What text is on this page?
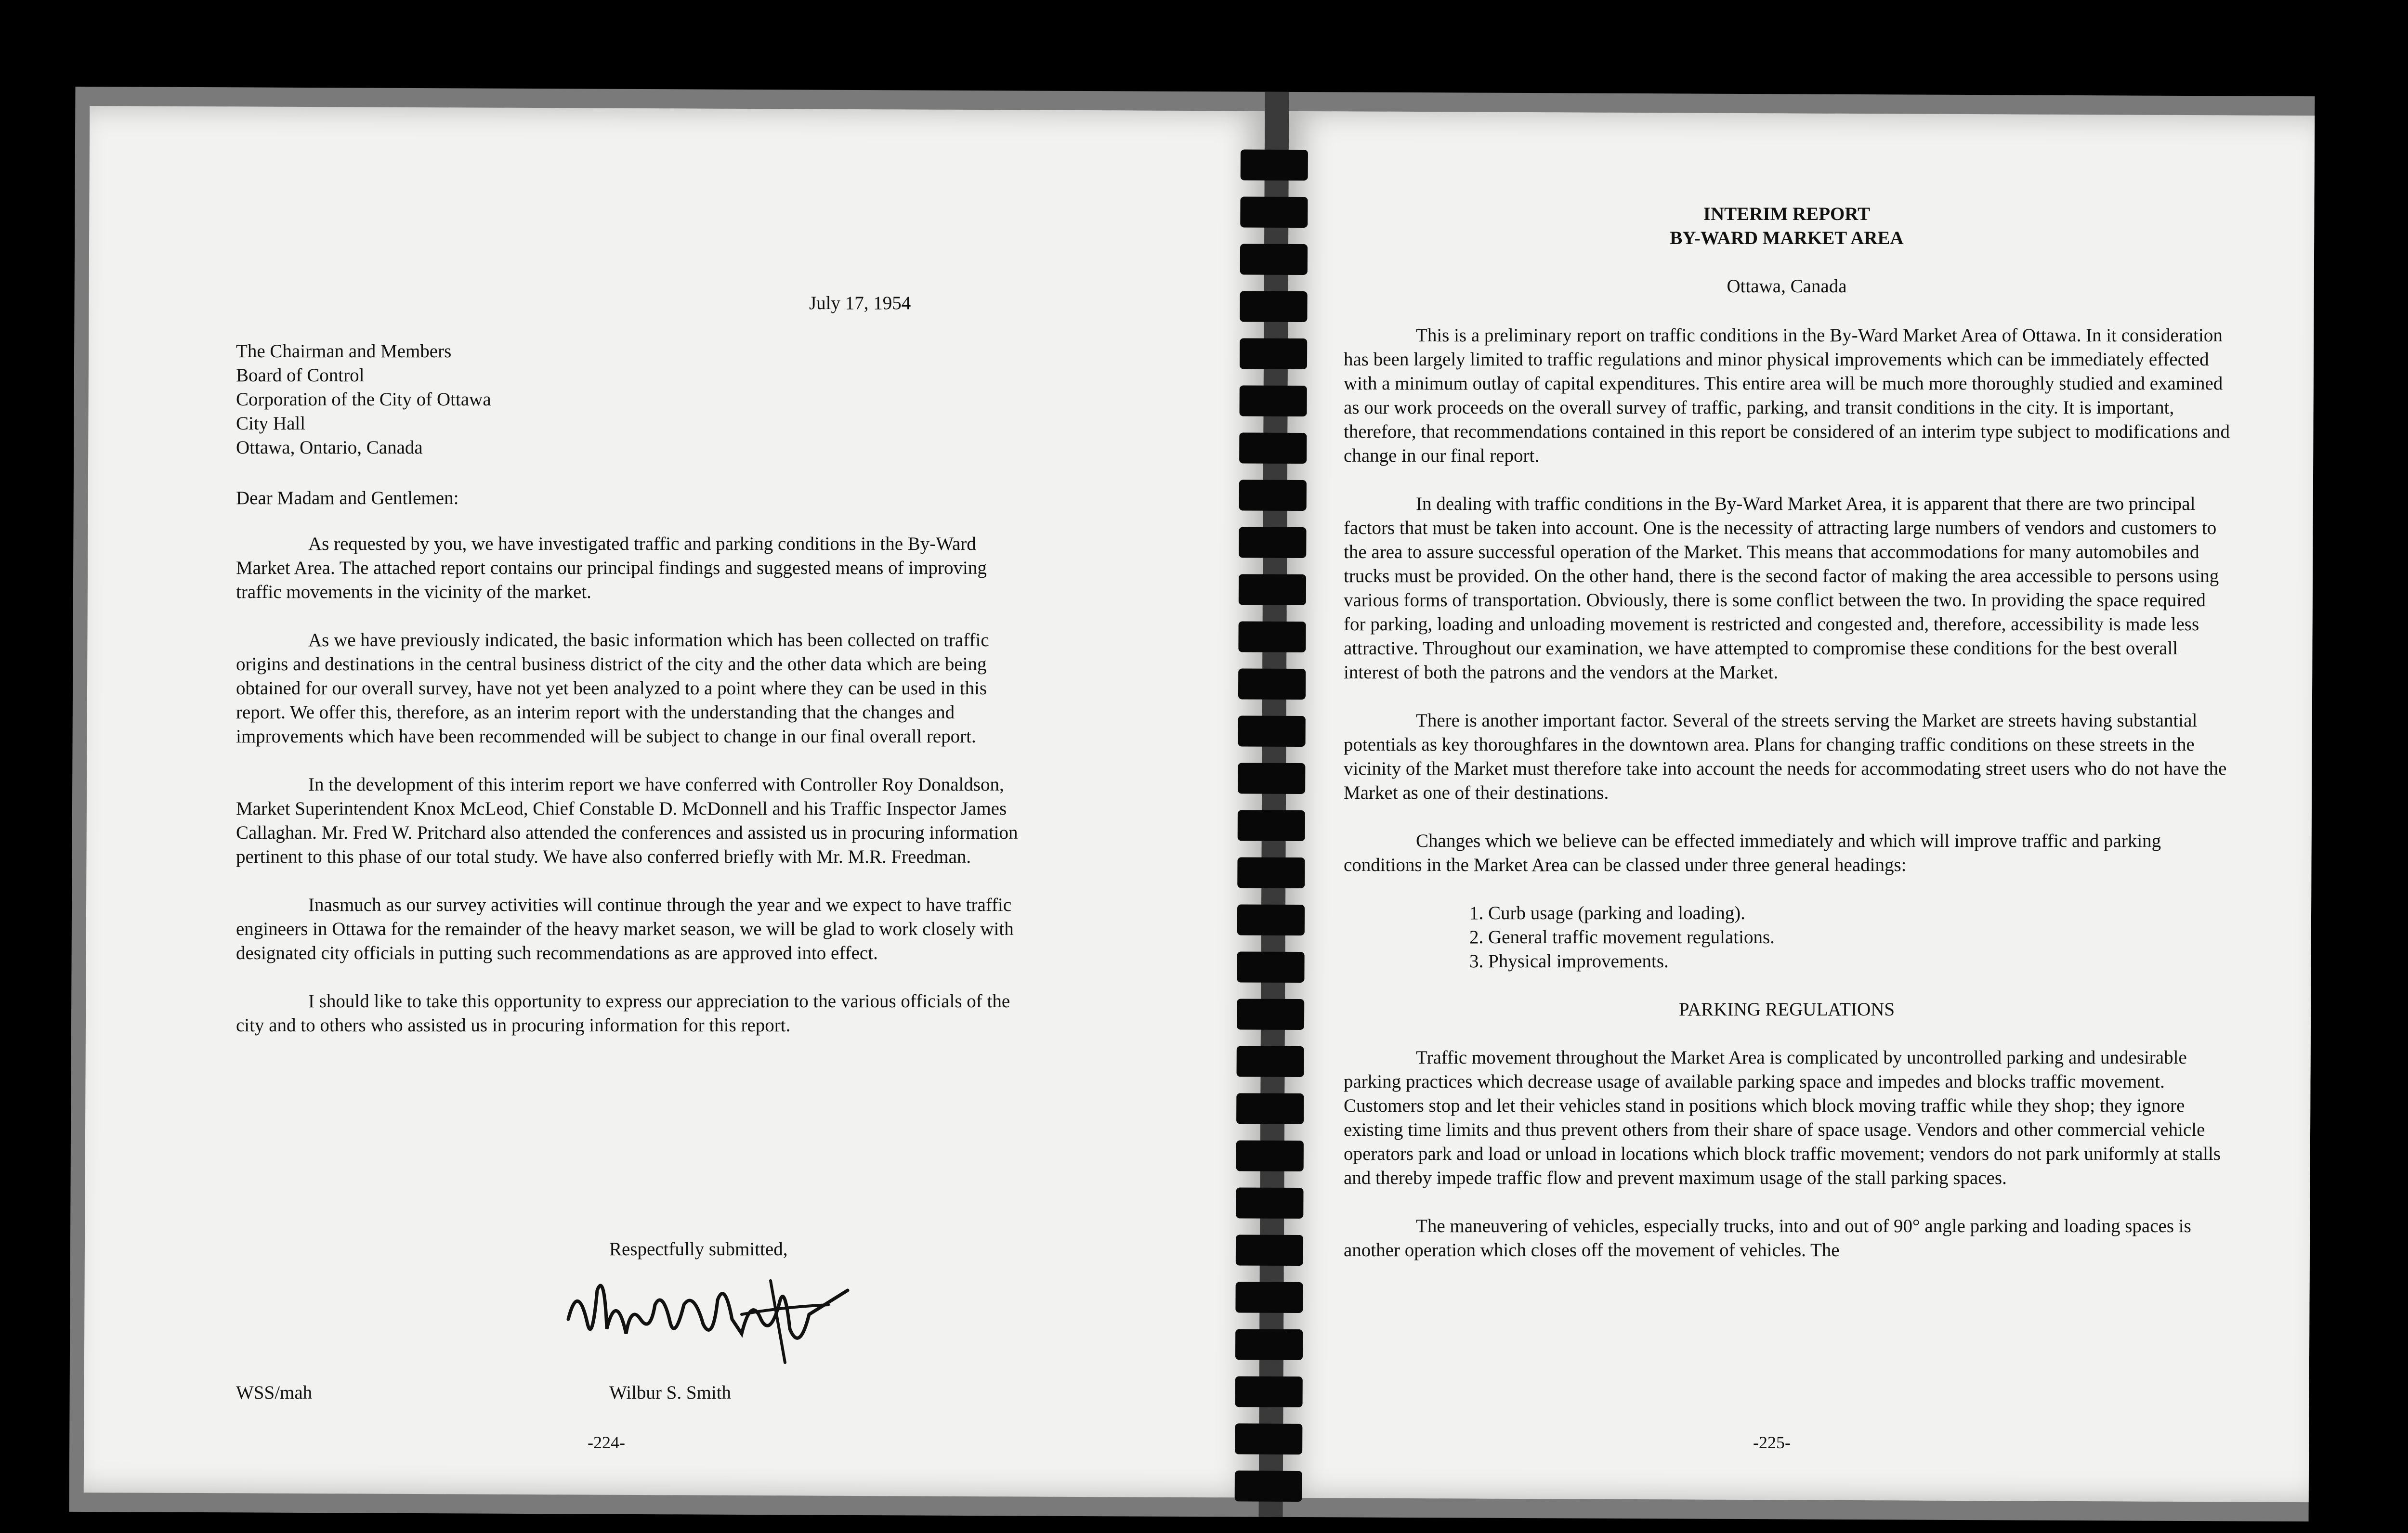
July 17, 1954
The Chairman and Members
Board of Control
Corporation of the City of Ottawa
City Hall
Ottawa, Ontario, Canada
Dear Madam and Gentlemen:

As requested by you, we have investigated traffic and parking conditions in the By-Ward Market Area. The attached report contains our principal findings and suggested means of improving traffic movements in the vicinity of the market.

As we have previously indicated, the basic information which has been collected on traffic origins and destinations in the central business district of the city and the other data which are being obtained for our overall survey, have not yet been analyzed to a point where they can be used in this report. We offer this, therefore, as an interim report with the understanding that the changes and improvements which have been recommended will be subject to change in our final overall report.

In the development of this interim report we have conferred with Controller Roy Donaldson, Market Superintendent Knox McLeod, Chief Constable D. McDonnell and his Traffic Inspector James Callaghan. Mr. Fred W. Pritchard also attended the conferences and assisted us in procuring information pertinent to this phase of our total study. We have also conferred briefly with Mr. M.R. Freedman.

Inasmuch as our survey activities will continue through the year and we expect to have traffic engineers in Ottawa for the remainder of the heavy market season, we will be glad to work closely with designated city officials in putting such recommendations as are approved into effect.

I should like to take this opportunity to express our appreciation to the various officials of the city and to others who assisted us in procuring information for this report.

Respectfully submitted,
WSS/mah	Wilbur S. Smith
-224-
INTERIM REPORT
BY-WARD MARKET AREA
Ottawa, Canada

This is a preliminary report on traffic conditions in the By-Ward Market Area of Ottawa. In it consideration has been largely limited to traffic regulations and minor physical improvements which can be immediately effected with a minimum outlay of capital expenditures. This entire area will be much more thoroughly studied and examined as our work proceeds on the overall survey of traffic, parking, and transit conditions in the city. It is important, therefore, that recommendations contained in this report be considered of an interim type subject to modifications and change in our final report.

In dealing with traffic conditions in the By-Ward Market Area, it is apparent that there are two principal factors that must be taken into account. One is the necessity of attracting large numbers of vendors and customers to the area to assure successful operation of the Market. This means that accommodations for many automobiles and trucks must be provided. On the other hand, there is the second factor of making the area accessible to persons using various forms of transportation. Obviously, there is some conflict between the two. In providing the space required for parking, loading and unloading movement is restricted and congested and, therefore, accessibility is made less attractive. Throughout our examination, we have attempted to compromise these conditions for the best overall interest of both the patrons and the vendors at the Market.

There is another important factor. Several of the streets serving the Market are streets having substantial potentials as key thoroughfares in the downtown area. Plans for changing traffic conditions on these streets in the vicinity of the Market must therefore take into account the needs for accommodating street users who do not have the Market as one of their destinations.

Changes which we believe can be effected immediately and which will improve traffic and parking conditions in the Market Area can be classed under three general headings:

1. Curb usage (parking and loading).
2. General traffic movement regulations.
3. Physical improvements.

PARKING REGULATIONS

Traffic movement throughout the Market Area is complicated by uncontrolled parking and undesirable parking practices which decrease usage of available parking space and impedes and blocks traffic movement. Customers stop and let their vehicles stand in positions which block moving traffic while they shop; they ignore existing time limits and thus prevent others from their share of space usage. Vendors and other commercial vehicle operators park and load or unload in locations which block traffic movement; vendors do not park uniformly at stalls and thereby impede traffic flow and prevent maximum usage of the stall parking spaces.

The maneuvering of vehicles, especially trucks, into and out of 90° angle parking and loading spaces is another operation which closes off the movement of vehicles. The

-225-
